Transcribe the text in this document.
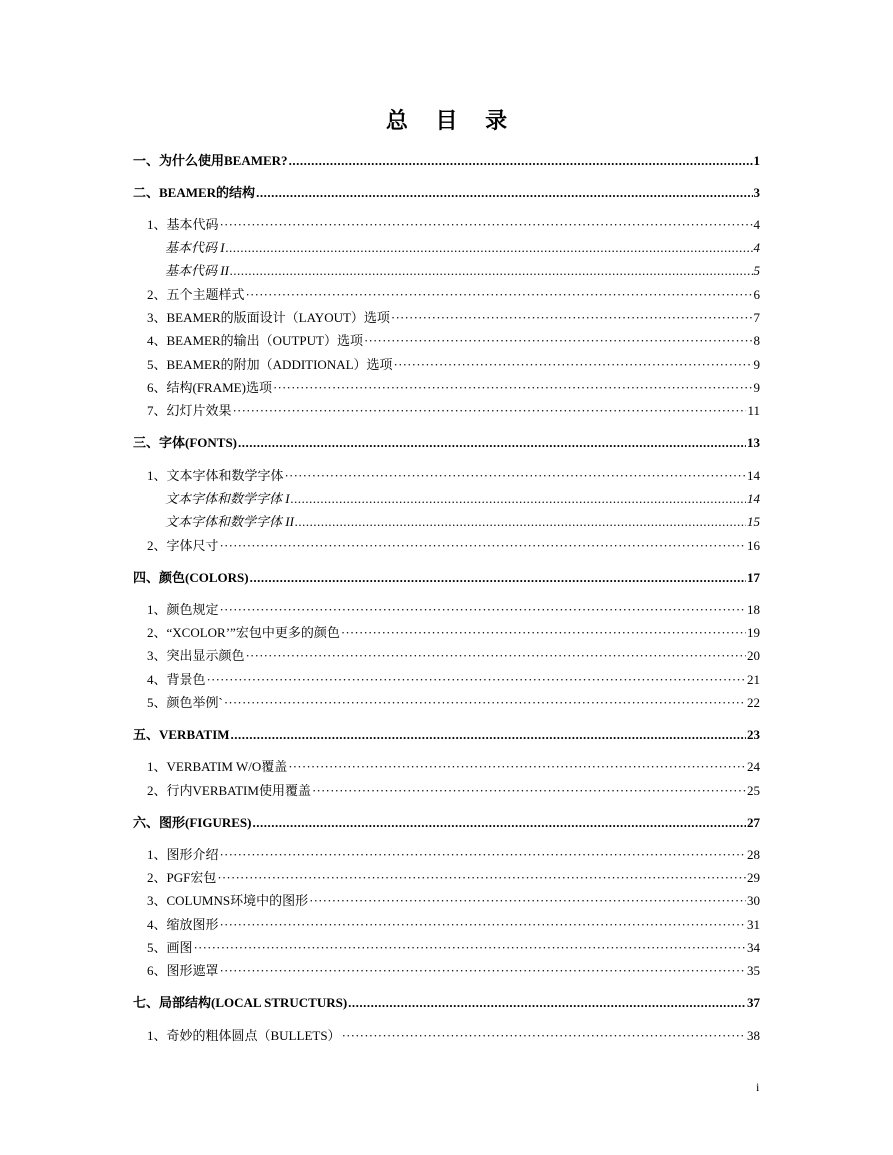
总 目 录
一、为什么使用BEAMER? .....	1
二、BEAMER的结构 .....	3
1、基本代码 ·····	4
基本代码 I .....	4
基本代码 II .....	5
2、五个主题样式 ·····	6
3、BEAMER的版面设计（LAYOUT）选项 ·····	7
4、BEAMER的输出（OUTPUT）选项 ·····	8
5、BEAMER的附加（ADDITIONAL）选项 ·····	9
6、结构(FRAME)选项 ·····	9
7、幻灯片效果 ·····	11
三、字体(FONTS) .....	13
1、文本字体和数学字体 ·····	14
文本字体和数学字体 I .....	14
文本字体和数学字体 II .....	15
2、字体尺寸 ·····	16
四、颜色(COLORS) .....	17
1、颜色规定 ·····	18
2、“XCOLOR’”宏包中更多的颜色 ·····	19
3、突出显示颜色 ·····	20
4、背景色 ·····	21
5、颜色举例` ·····	22
五、VERBATIM .....	23
1、VERBATIM W/O覆盖 ·····	24
2、行内VERBATIM使用覆盖 ·····	25
六、图形(FIGURES) .....	27
1、图形介绍 ·····	28
2、PGF宏包 ·····	29
3、COLUMNS环境中的图形 ·····	30
4、缩放图形 ·····	31
5、画图 ·····	34
6、图形遮罩 ·····	35
七、局部结构(LOCAL STRUCTURS) .....	37
1、奇妙的粗体圆点（BULLETS） ·····	38
i
